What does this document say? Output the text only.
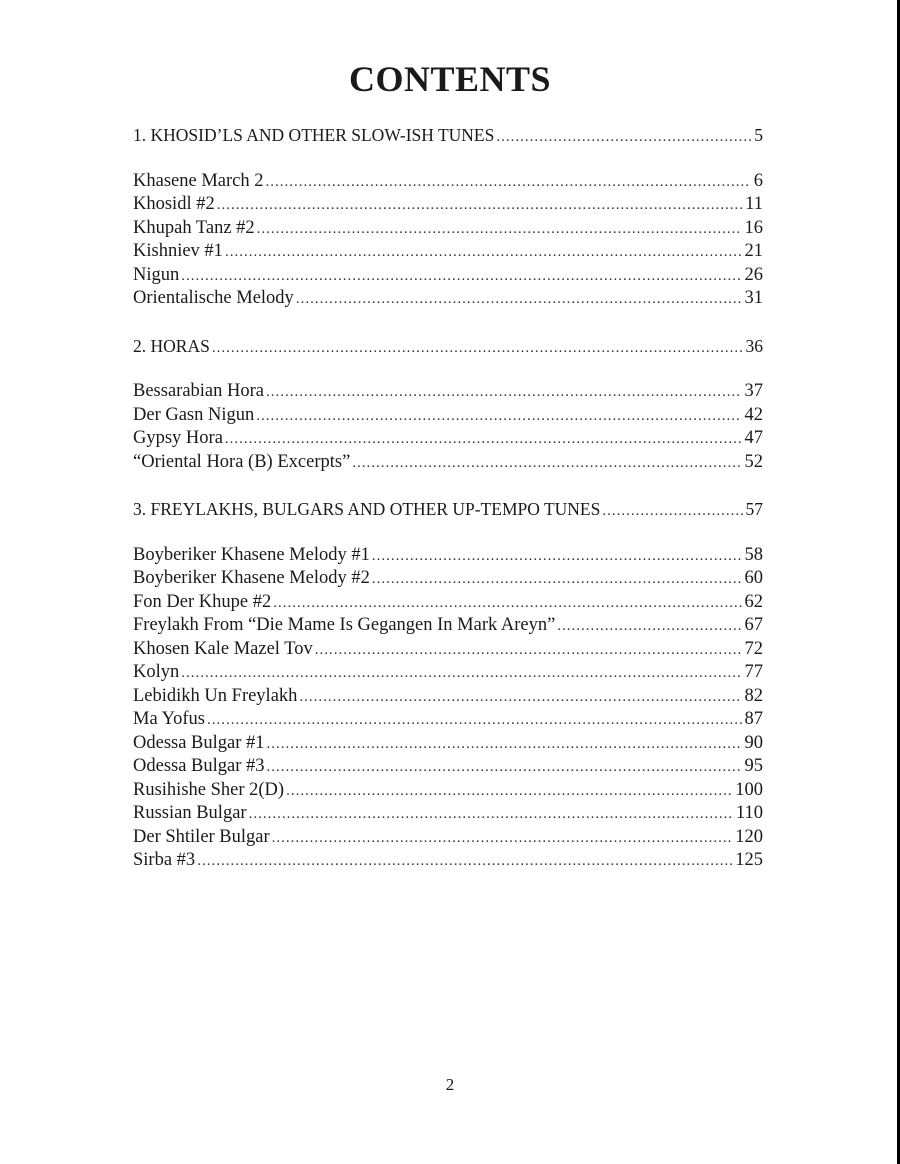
CONTENTS
1. KHOSID’LS AND OTHER SLOW-ISH TUNES .....	5
Khasene March 2 .....	6
Khosidl #2 .....	11
Khupah Tanz #2 .....	16
Kishniev #1 .....	21
Nigun .....	26
Orientalische Melody .....	31
2. HORAS .....	36
Bessarabian Hora .....	37
Der Gasn Nigun .....	42
Gypsy Hora .....	47
“Oriental Hora (B) Excerpts” .....	52
3. FREYLAKHS, BULGARS AND OTHER UP-TEMPO TUNES .....	57
Boyberiker Khasene Melody #1 .....	58
Boyberiker Khasene Melody #2 .....	60
Fon Der Khupe #2 .....	62
Freylakh From “Die Mame Is Gegangen In Mark Areyn” .....	67
Khosen Kale Mazel Tov .....	72
Kolyn .....	77
Lebidikh Un Freylakh .....	82
Ma Yofus .....	87
Odessa Bulgar #1 .....	90
Odessa Bulgar #3 .....	95
Rusihishe Sher 2(D) .....	100
Russian Bulgar .....	110
Der Shtiler Bulgar .....	120
Sirba #3 .....	125
2
